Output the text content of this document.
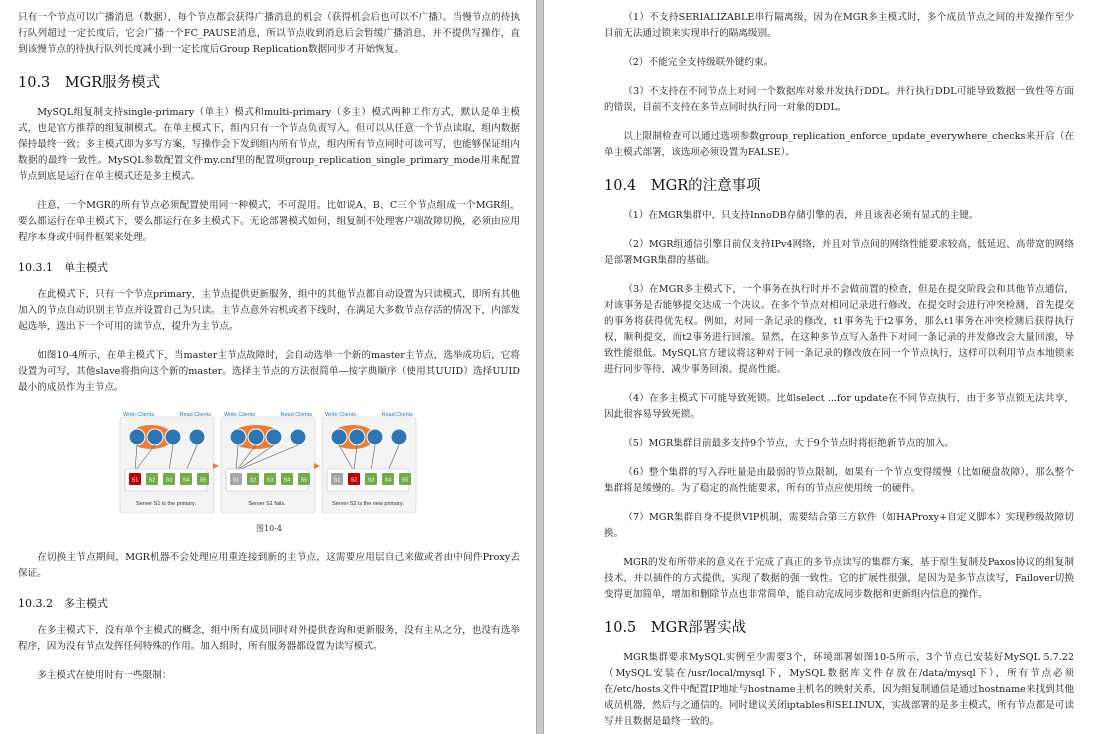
只有一个节点可以广播消息（数据），每个节点都会获得广播消息的机会（获得机会后也可以不广播）。当慢节点的待执行队列超过一定长度后，它会广播一个FC_PAUSE消息，所以节点收到消息后会暂缓广播消息，并不提供写操作，直到该慢节点的待执行队列长度减小到一定长度后Group Replication数据同步才开始恢复。

10.3　MGR服务模式

MySQL组复制支持single-primary（单主）模式和multi-primary（多主）模式两种工作方式，默认是单主模式，也是官方推荐的组复制模式。在单主模式下，组内只有一个节点负责写入，但可以从任意一个节点读取，组内数据保持最终一致；多主模式即为多写方案，写操作会下发到组内所有节点，组内所有节点同时可读可写，也能够保证组内数据的最终一致性。MySQL参数配置文件my.cnf里的配置项group_replication_single_primary_mode用来配置节点到底是运行在单主模式还是多主模式。

注意，一个MGR的所有节点必须配置使用同一种模式，不可混用。比如说A、B、C三个节点组成一个MGR组，要么都运行在单主模式下，要么都运行在多主模式下。无论部署模式如何，组复制不处理客户端故障切换，必须由应用程序本身或中间件框架来处理。

10.3.1　单主模式

在此模式下，只有一个节点primary，主节点提供更新服务，组中的其他节点都自动设置为只读模式，即所有其他加入的节点自动识别主节点并设置自己为只读。主节点意外宕机或者下线时，在满足大多数节点存活的情况下，内部发起选举，选出下一个可用的读节点，提升为主节点。

如图10-4所示，在单主模式下，当master主节点故障时，会自动选举一个新的master主节点，选举成功后，它将设置为可写，其他slave将指向这个新的master。选择主节点的方法很简单—按字典顺序（使用其UUID）选择UUID最小的成员作为主节点。

Write Clients	Read Clients
S1 S2 S3 S4 S5
Server S1 is the primary.
Write Clients	Read Clients
S1 S2 S3 S4 S5
Server S1 fails.
Write Clients	Read Clients
S1 S2 S3 S4 S5
Server S2 is the new primary.
图10-4

在切换主节点期间，MGR机器不会处理应用重连接到新的主节点，这需要应用层自己来做或者由中间件Proxy去保证。

10.3.2　多主模式

在多主模式下，没有单个主模式的概念，组中所有成员同时对外提供查询和更新服务，没有主从之分，也没有选举程序，因为没有节点发挥任何特殊的作用。加入组时，所有服务器都设置为读写模式。

多主模式在使用时有一些限制：

（1）不支持SERIALIZABLE串行隔离级，因为在MGR多主模式时，多个成员节点之间的并发操作至少目前无法通过锁来实现串行的隔离级别。

（2）不能完全支持级联外键约束。

（3）不支持在不同节点上对同一个数据库对象并发执行DDL。并行执行DDL可能导致数据一致性等方面的错误，目前不支持在多节点同时执行同一对象的DDL。

以上限制检查可以通过选项参数group_replication_enforce_update_everywhere_checks来开启（在单主模式部署，该选项必须设置为FALSE）。

10.4　MGR的注意事项

（1）在MGR集群中，只支持InnoDB存储引擎的表，并且该表必须有显式的主键。

（2）MGR组通信引擎目前仅支持IPv4网络，并且对节点间的网络性能要求较高，低延迟、高带宽的网络是部署MGR集群的基础。

（3）在MGR多主模式下，一个事务在执行时并不会做前置的检查，但是在提交阶段会和其他节点通信，对该事务是否能够提交达成一个决议。在多个节点对相同记录进行修改，在提交时会进行冲突检测，首先提交的事务将获得优先权。例如，对同一条记录的修改，t1事务先于t2事务，那么t1事务在冲突检测后获得执行权，顺利提交，而t2事务进行回滚。显然，在这种多节点写入条件下对同一条记录的并发修改会大量回滚，导致性能很低。MySQL官方建议将这种对于同一条记录的修改放在同一个节点执行，这样可以利用节点本地锁来进行同步等待、减少事务回滚、提高性能。

（4）在多主模式下可能导致死锁。比如select ...for update在不同节点执行，由于多节点锁无法共享，因此很容易导致死锁。

（5）MGR集群目前最多支持9个节点，大于9个节点时将拒绝新节点的加入。

（6）整个集群的写入吞吐量是由最弱的节点限制，如果有一个节点变得缓慢（比如硬盘故障），那么整个集群将是缓慢的。为了稳定的高性能要求，所有的节点应使用统一的硬件。

（7）MGR集群自身不提供VIP机制，需要结合第三方软件（如HAProxy+自定义脚本）实现秒级故障切换。

MGR的发布所带来的意义在于完成了真正的多节点读写的集群方案，基于原生复制及Paxos协议的组复制技术，并以插件的方式提供，实现了数据的强一致性。它的扩展性很强，是因为是多节点读写，Failover切换变得更加简单，增加和删除节点也非常简单，能自动完成同步数据和更新组内信息的操作。

10.5　MGR部署实战

MGR集群要求MySQL实例至少需要3个，环境部署如图10-5所示，3个节点已安装好MySQL 5.7.22（MySQL安装在/usr/local/mysql下，MySQL数据库文件存放在/data/mysql下），所有节点必须在/etc/hosts文件中配置IP地址与hostname主机名的映射关系，因为组复制通信是通过hostname来找到其他成员机器，然后与之通信的。同时建议关闭iptables和SELINUX，实战部署的是多主模式，所有节点都是可读写并且数据是最终一致的。
